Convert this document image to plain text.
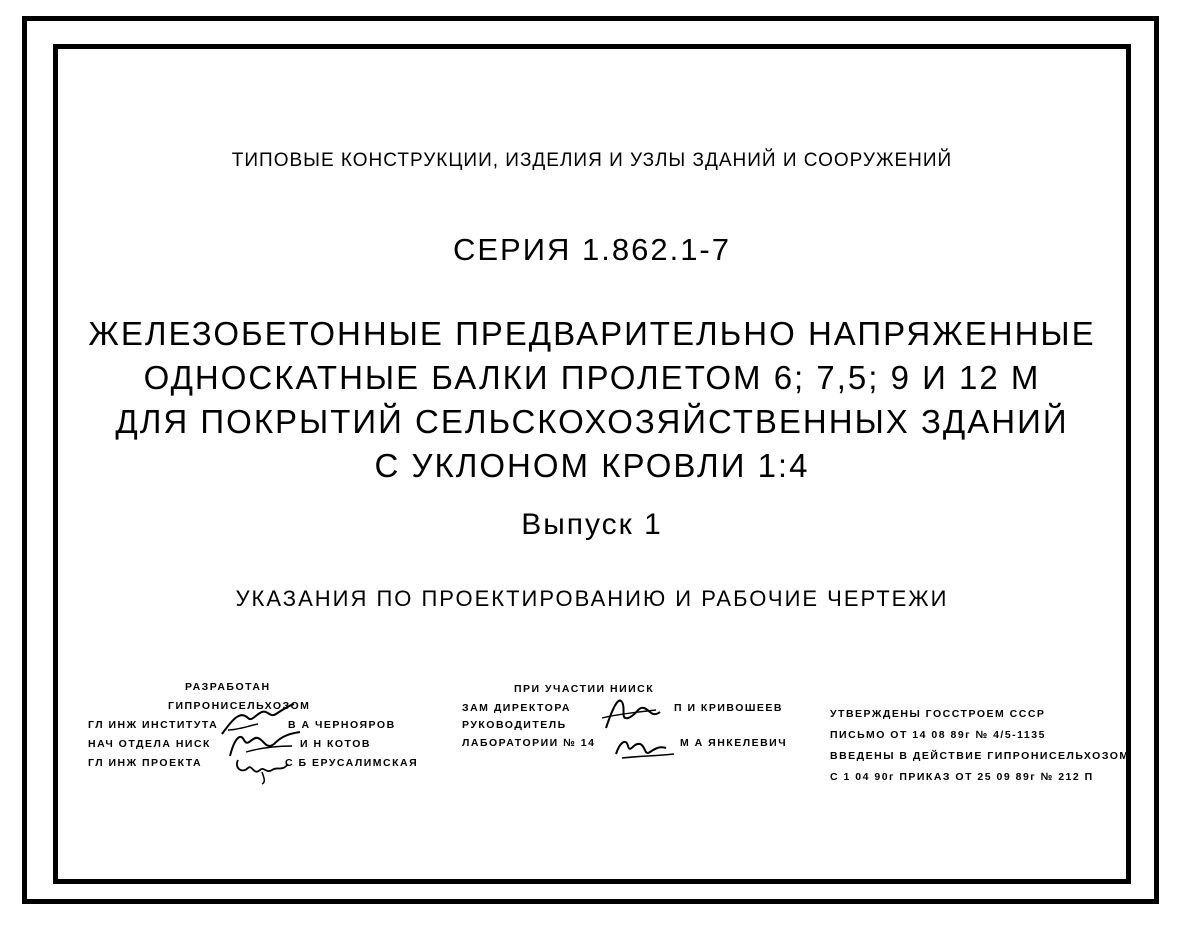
ТИПОВЫЕ КОНСТРУКЦИИ, ИЗДЕЛИЯ И УЗЛЫ ЗДАНИЙ И СООРУЖЕНИЙ
СЕРИЯ 1.862.1-7
ЖЕЛЕЗОБЕТОННЫЕ ПРЕДВАРИТЕЛЬНО НАПРЯЖЕННЫЕ
ОДНОСКАТНЫЕ БАЛКИ ПРОЛЕТОМ 6; 7,5; 9 И 12 М
ДЛЯ ПОКРЫТИЙ СЕЛЬСКОХОЗЯЙСТВЕННЫХ ЗДАНИЙ
С УКЛОНОМ КРОВЛИ 1:4
Выпуск 1
УКАЗАНИЯ ПО ПРОЕКТИРОВАНИЮ И РАБОЧИЕ ЧЕРТЕЖИ
РАЗРАБОТАН
ГИПРОНИСЕЛЬХОЗОМ
ГЛ ИНЖ ИНСТИТУТА	В А ЧЕРНОЯРОВ
НАЧ ОТДЕЛА НИСК	И Н КОТОВ
ГЛ ИНЖ ПРОЕКТА	С Б ЕРУСАЛИМСКАЯ
ПРИ УЧАСТИИ НИИСК
ЗАМ ДИРЕКТОРА	П И КРИВОШЕЕВ
РУКОВОДИТЕЛЬ
ЛАБОРАТОРИИ № 14	М А ЯНКЕЛЕВИЧ
УТВЕРЖДЕНЫ ГОССТРОЕМ СССР
ПИСЬМО ОТ 14 08 89г № 4/5-1135
ВВЕДЕНЫ В ДЕЙСТВИЕ ГИПРОНИСЕЛЬХОЗОМ
С 1 04 90г ПРИКАЗ ОТ 25 09 89г № 212 П
